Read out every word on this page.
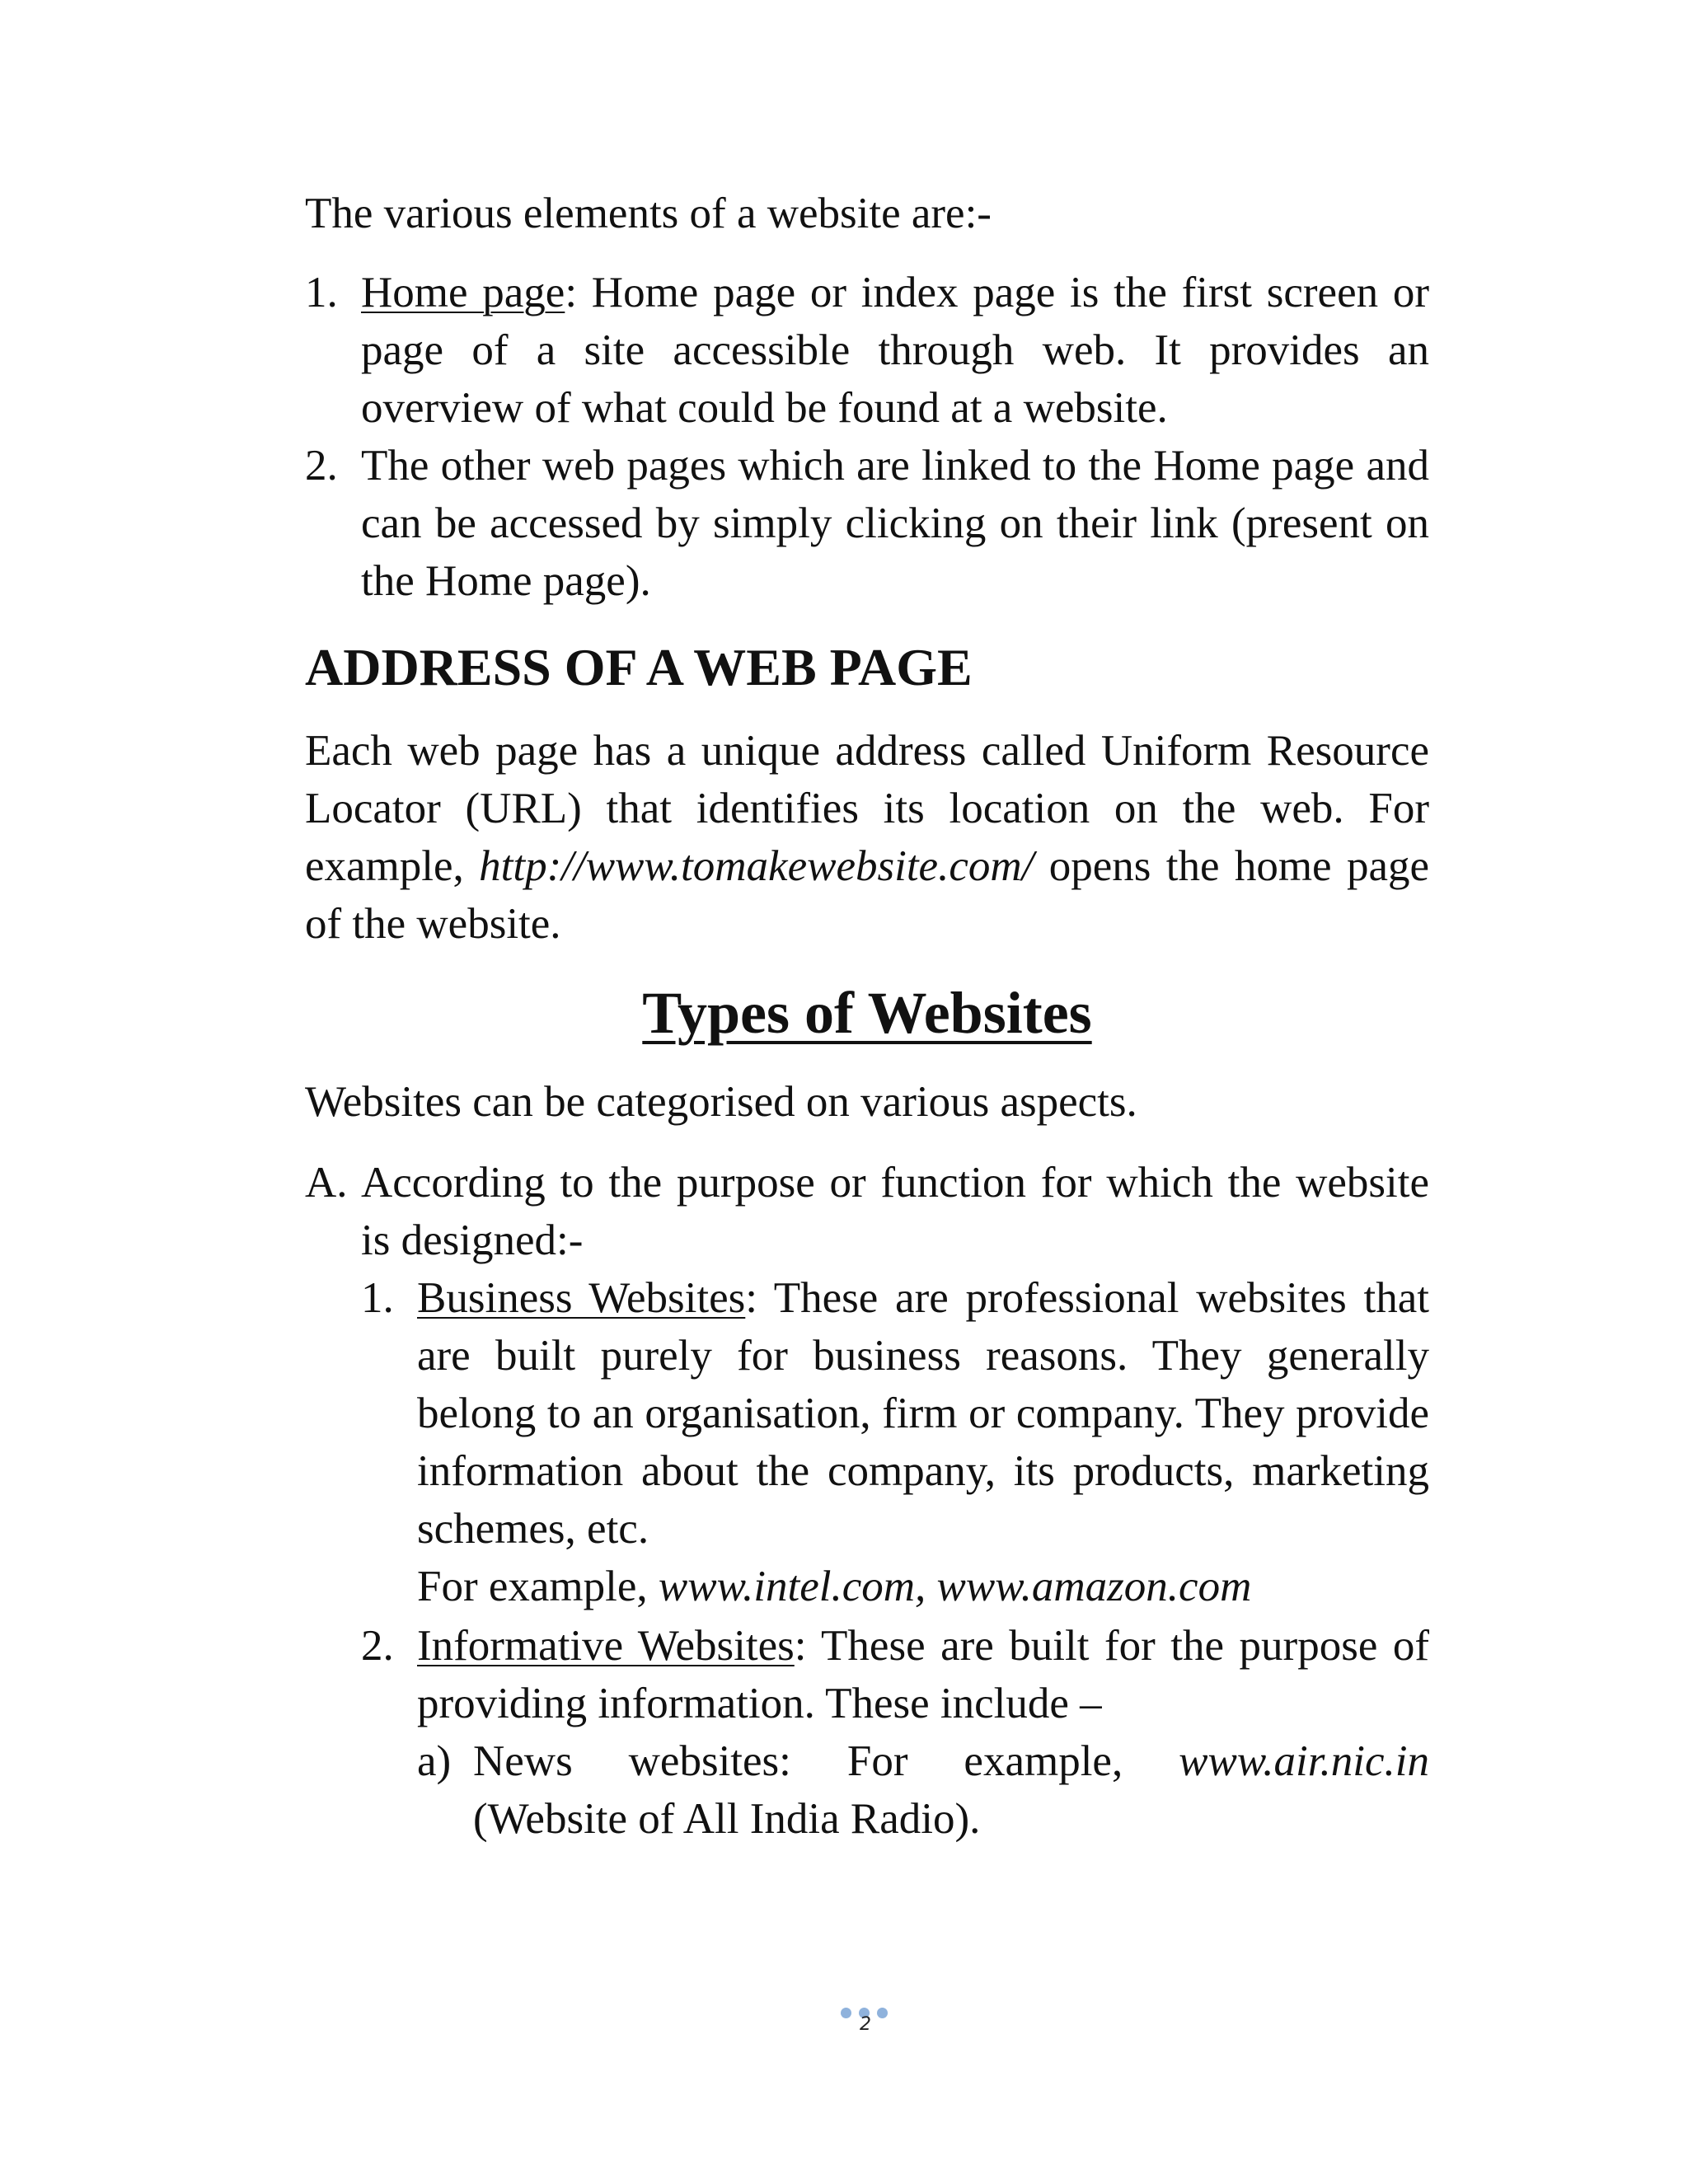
The various elements of a website are:-

1. Home page: Home page or index page is the first screen or page of a site accessible through web. It provides an overview of what could be found at a website.

2. The other web pages which are linked to the Home page and can be accessed by simply clicking on their link (present on the Home page).

ADDRESS OF A WEB PAGE

Each web page has a unique address called Uniform Resource Locator (URL) that identifies its location on the web. For example, http://www.tomakewebsite.com/ opens the home page of the website.

Types of Websites

Websites can be categorised on various aspects.

A. According to the purpose or function for which the website is designed:-

1. Business Websites: These are professional websites that are built purely for business reasons. They generally belong to an organisation, firm or company. They provide information about the company, its products, marketing schemes, etc.

For example, www.intel.com, www.amazon.com

2. Informative Websites: These are built for the purpose of providing information. These include –

a) News websites: For example, www.air.nic.in

(Website of All India Radio).

2
